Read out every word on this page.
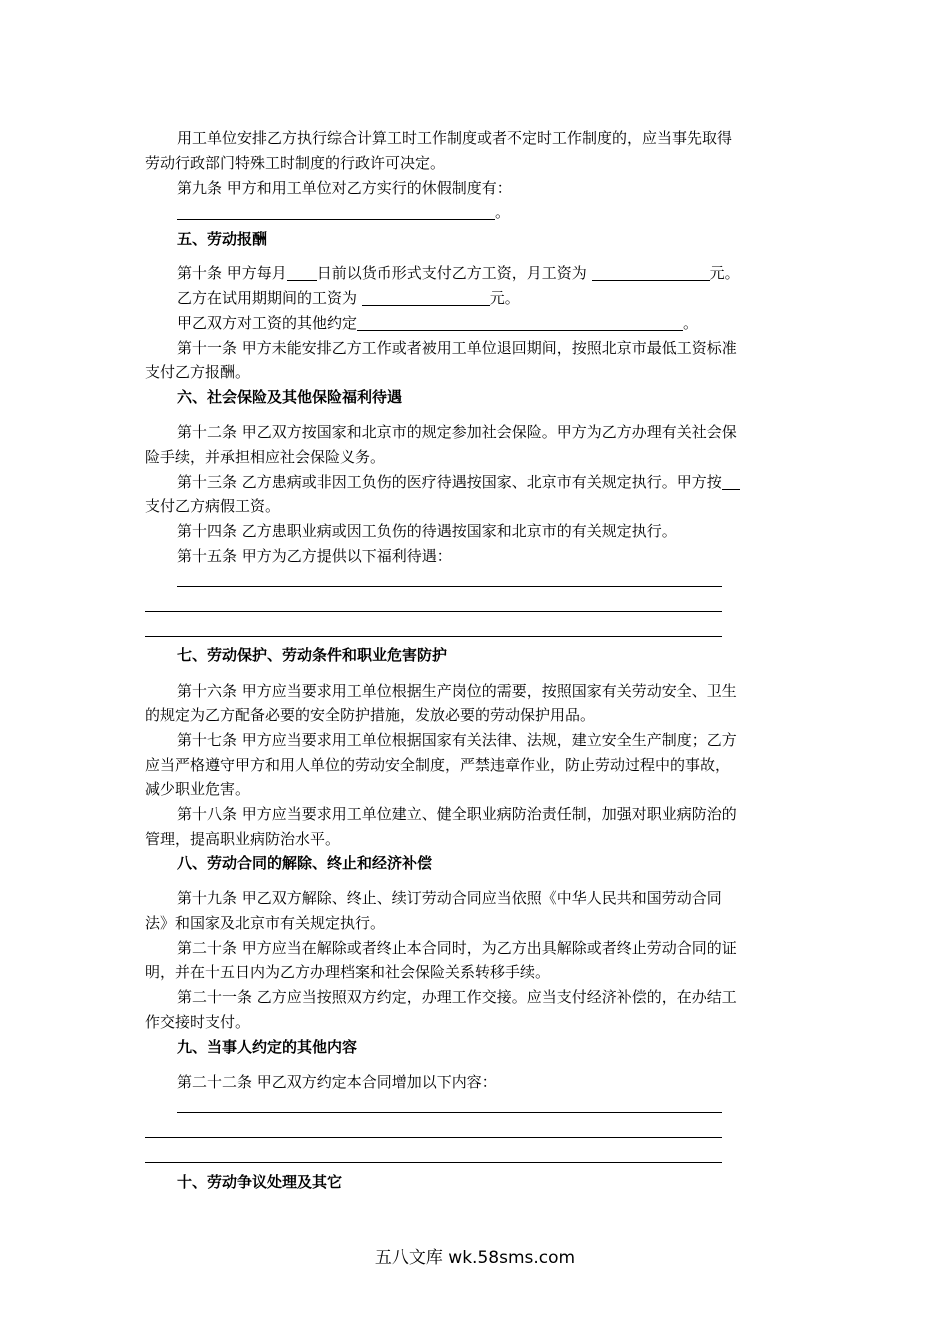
用工单位安排乙方执行综合计算工时工作制度或者不定时工作制度的，应当事先取得
劳动行政部门特殊工时制度的行政许可决定。
第九条 甲方和用工单位对乙方实行的休假制度有：
。
五、劳动报酬
第十条 甲方每月 日前以货币形式支付乙方工资，月工资为	元。
乙方在试用期期间的工资为	元。
甲乙双方对工资的其他约定	。
第十一条 甲方未能安排乙方工作或者被用工单位退回期间，按照北京市最低工资标准
支付乙方报酬。
六、社会保险及其他保险福利待遇
第十二条 甲乙双方按国家和北京市的规定参加社会保险。甲方为乙方办理有关社会保
险手续，并承担相应社会保险义务。
第十三条 乙方患病或非因工负伤的医疗待遇按国家、北京市有关规定执行。甲方按
支付乙方病假工资。
第十四条 乙方患职业病或因工负伤的待遇按国家和北京市的有关规定执行。
第十五条 甲方为乙方提供以下福利待遇：
七、劳动保护、劳动条件和职业危害防护
第十六条 甲方应当要求用工单位根据生产岗位的需要，按照国家有关劳动安全、卫生
的规定为乙方配备必要的安全防护措施，发放必要的劳动保护用品。
第十七条 甲方应当要求用工单位根据国家有关法律、法规，建立安全生产制度；乙方
应当严格遵守甲方和用人单位的劳动安全制度，严禁违章作业，防止劳动过程中的事故，
减少职业危害。
第十八条 甲方应当要求用工单位建立、健全职业病防治责任制，加强对职业病防治的
管理，提高职业病防治水平。
八、劳动合同的解除、终止和经济补偿
第十九条 甲乙双方解除、终止、续订劳动合同应当依照《中华人民共和国劳动合同
法》和国家及北京市有关规定执行。
第二十条 甲方应当在解除或者终止本合同时，为乙方出具解除或者终止劳动合同的证
明，并在十五日内为乙方办理档案和社会保险关系转移手续。
第二十一条 乙方应当按照双方约定，办理工作交接。应当支付经济补偿的，在办结工
作交接时支付。
九、当事人约定的其他内容
第二十二条 甲乙双方约定本合同增加以下内容：
十、劳动争议处理及其它
五八文库 wk.58sms.com
